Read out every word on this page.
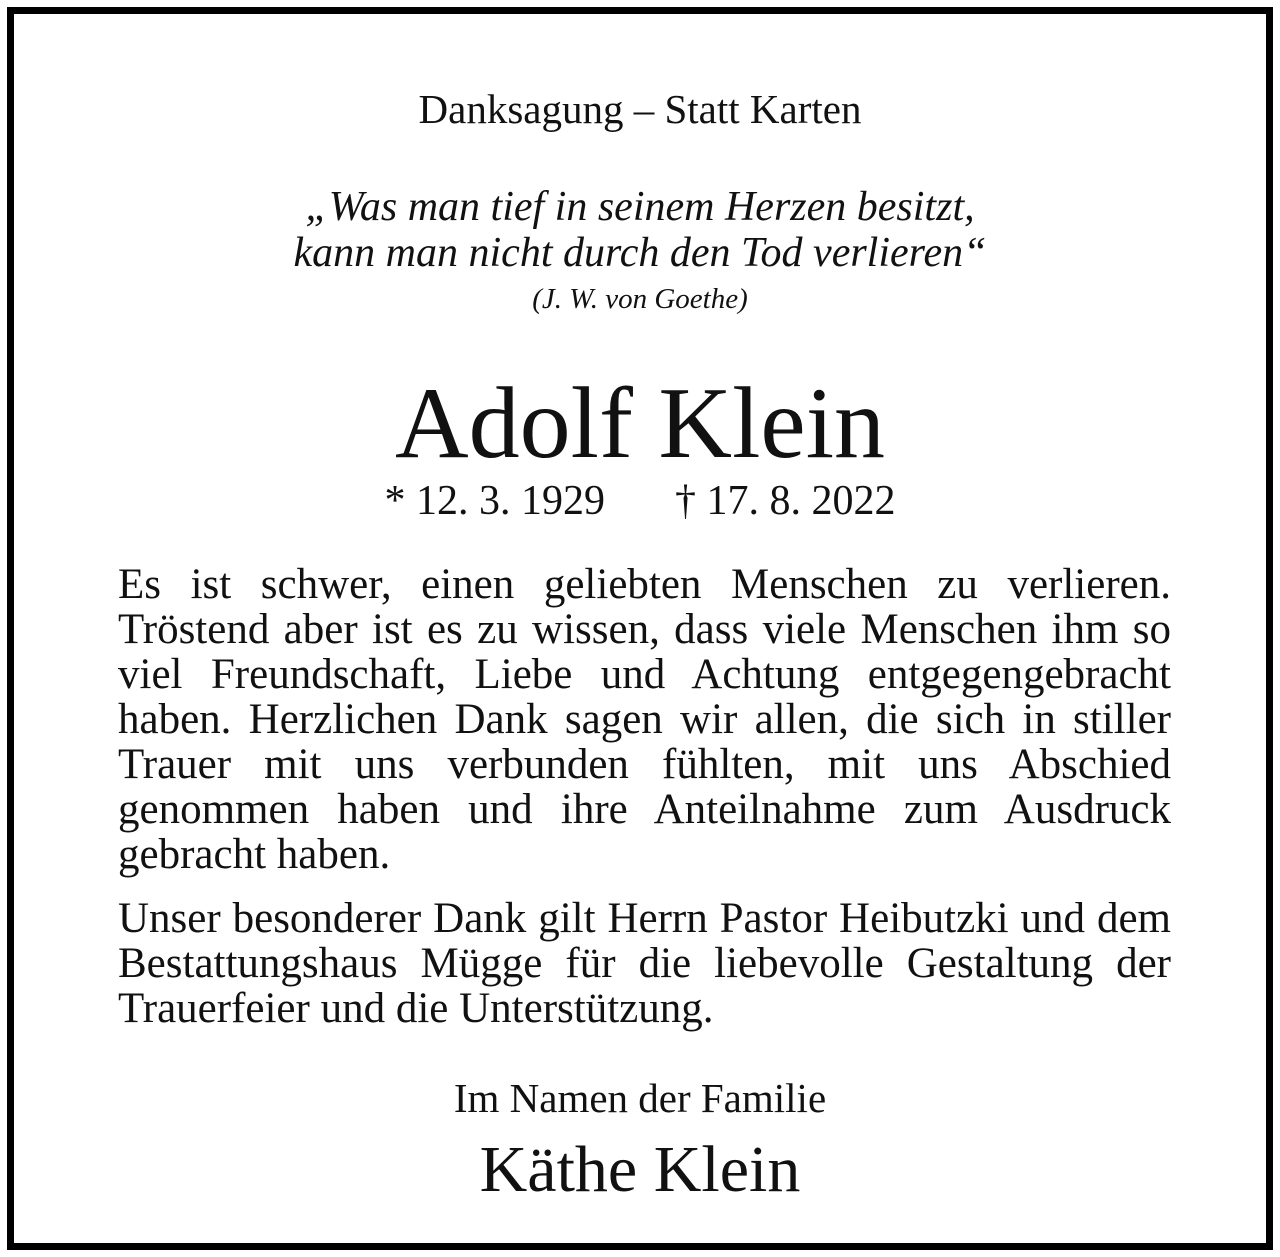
Danksagung – Statt Karten

„Was man tief in seinem Herzen besitzt,
kann man nicht durch den Tod verlieren“

(J. W. von Goethe)

Adolf Klein

* 12. 3. 1929 † 17. 8. 2022

Es ist schwer, einen geliebten Menschen zu verlieren. Tröstend aber ist es zu wissen, dass viele Menschen ihm so viel Freundschaft, Liebe und Achtung entgegengebracht haben. Herzlichen Dank sagen wir allen, die sich in stiller Trauer mit uns verbunden fühlten, mit uns Abschied genommen haben und ihre Anteilnahme zum Ausdruck gebracht haben.

Unser besonderer Dank gilt Herrn Pastor Heibutzki und dem Bestattungshaus Mügge für die liebevolle Gestaltung der Trauerfeier und die Unterstützung.

Im Namen der Familie

Käthe Klein
